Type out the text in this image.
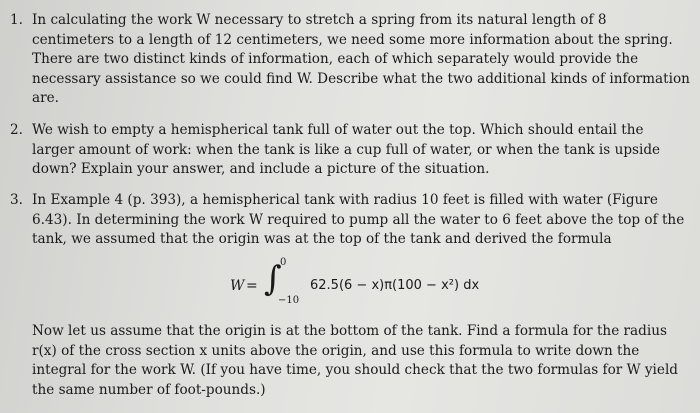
1. In calculating the work W necessary to stretch a spring from its natural length of 8 centimeters to a length of 12 centimeters, we need some more information about the spring. There are two distinct kinds of information, each of which separately would provide the necessary assistance so we could find W. Describe what the two additional kinds of information are.
2. We wish to empty a hemispherical tank full of water out the top. Which should entail the larger amount of work: when the tank is like a cup full of water, or when the tank is upside down? Explain your answer, and include a picture of the situation.
3. In Example 4 (p. 393), a hemispherical tank with radius 10 feet is filled with water (Figure 6.43). In determining the work W required to pump all the water to 6 feet above the top of the tank, we assumed that the origin was at the top of the tank and derived the formula
W = ∫
0
−10
62.5(6 − x)π(100 − x²) dx
Now let us assume that the origin is at the bottom of the tank. Find a formula for the radius r(x) of the cross section x units above the origin, and use this formula to write down the integral for the work W. (If you have time, you should check that the two formulas for W yield the same number of foot-pounds.)
